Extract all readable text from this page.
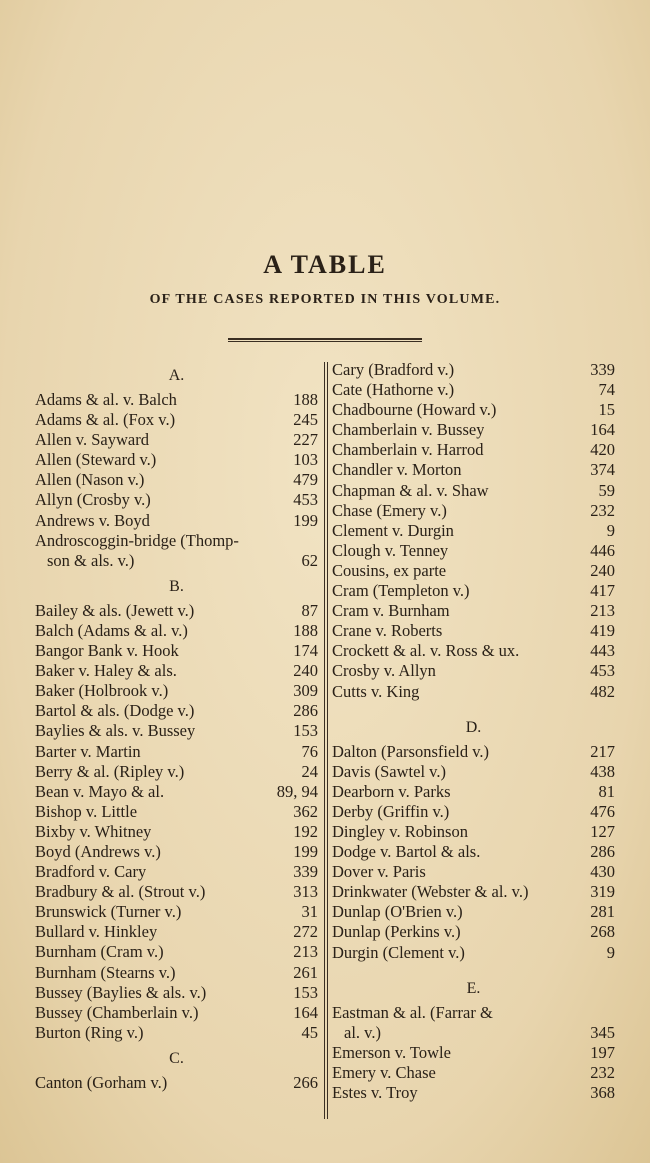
A TABLE
OF THE CASES REPORTED IN THIS VOLUME.
A.
Adams & al. v. Balch	188
Adams & al. (Fox v.)	245
Allen v. Sayward	227
Allen (Steward v.)	103
Allen (Nason v.)	479
Allyn (Crosby v.)	453
Andrews v. Boyd	199
Androscoggin-bridge (Thomp-
son & als. v.)	62
B.
Bailey & als. (Jewett v.)	87
Balch (Adams & al. v.)	188
Bangor Bank v. Hook	174
Baker v. Haley & als.	240
Baker (Holbrook v.)	309
Bartol & als. (Dodge v.)	286
Baylies & als. v. Bussey	153
Barter v. Martin	76
Berry & al. (Ripley v.)	24
Bean v. Mayo & al.	89, 94
Bishop v. Little	362
Bixby v. Whitney	192
Boyd (Andrews v.)	199
Bradford v. Cary	339
Bradbury & al. (Strout v.)	313
Brunswick (Turner v.)	31
Bullard v. Hinkley	272
Burnham (Cram v.)	213
Burnham (Stearns v.)	261
Bussey (Baylies & als. v.)	153
Bussey (Chamberlain v.)	164
Burton (Ring v.)	45
C.
Canton (Gorham v.)	266
Cary (Bradford v.)	339
Cate (Hathorne v.)	74
Chadbourne (Howard v.)	15
Chamberlain v. Bussey	164
Chamberlain v. Harrod	420
Chandler v. Morton	374
Chapman & al. v. Shaw	59
Chase (Emery v.)	232
Clement v. Durgin	9
Clough v. Tenney	446
Cousins, ex parte	240
Cram (Templeton v.)	417
Cram v. Burnham	213
Crane v. Roberts	419
Crockett & al. v. Ross & ux.	443
Crosby v. Allyn	453
Cutts v. King	482
D.
Dalton (Parsonsfield v.)	217
Davis (Sawtel v.)	438
Dearborn v. Parks	81
Derby (Griffin v.)	476
Dingley v. Robinson	127
Dodge v. Bartol & als.	286
Dover v. Paris	430
Drinkwater (Webster & al. v.)	319
Dunlap (O'Brien v.)	281
Dunlap (Perkins v.)	268
Durgin (Clement v.)	9
E.
Eastman & al. (Farrar &
al. v.)	345
Emerson v. Towle	197
Emery v. Chase	232
Estes v. Troy	368
